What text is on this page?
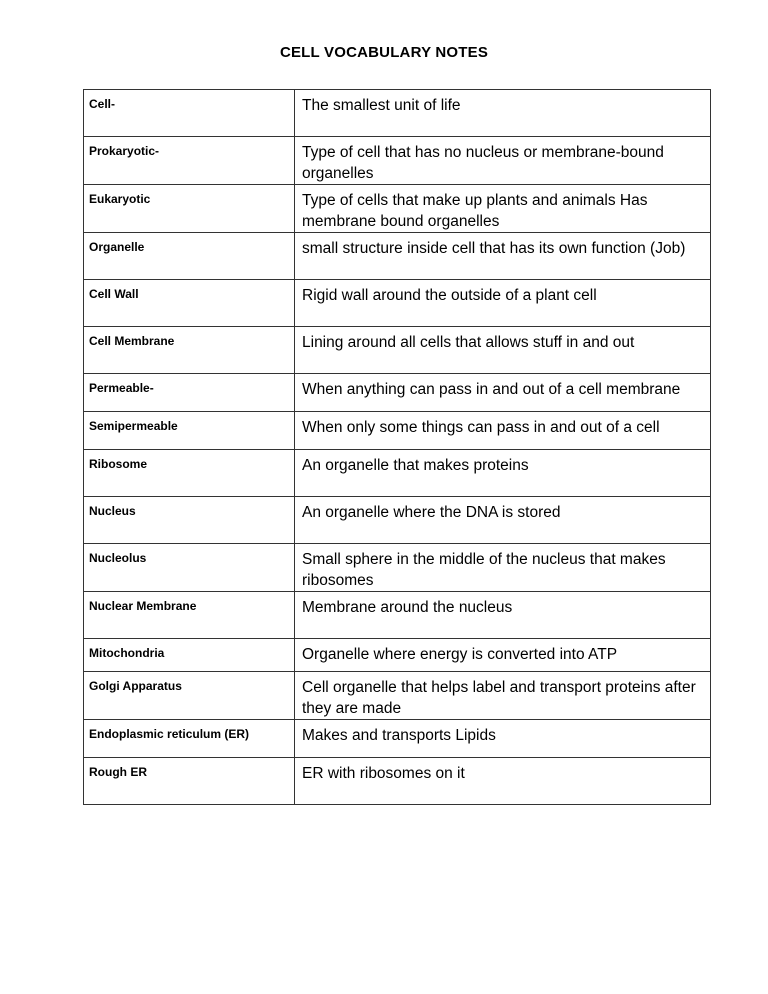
CELL VOCABULARY NOTES
Cell-	The smallest unit of life
Prokaryotic-	Type of cell that has no nucleus or membrane-bound organelles
Eukaryotic	Type of cells that make up plants and animals Has membrane bound organelles
Organelle	small structure inside cell that has its own function (Job)
Cell Wall	Rigid wall around the outside of a plant cell
Cell Membrane	Lining around all cells that allows stuff in and out
Permeable-	When anything can pass in and out of a cell membrane
Semipermeable	When only some things can pass in and out of a cell
Ribosome	An organelle that makes proteins
Nucleus	An organelle where the DNA is stored
Nucleolus	Small sphere in the middle of the nucleus that makes ribosomes
Nuclear Membrane	Membrane around the nucleus
Mitochondria	Organelle where energy is converted into ATP
Golgi Apparatus	Cell organelle that helps label and transport proteins after they are made
Endoplasmic reticulum (ER)	Makes and transports Lipids
Rough ER	ER with ribosomes on it
